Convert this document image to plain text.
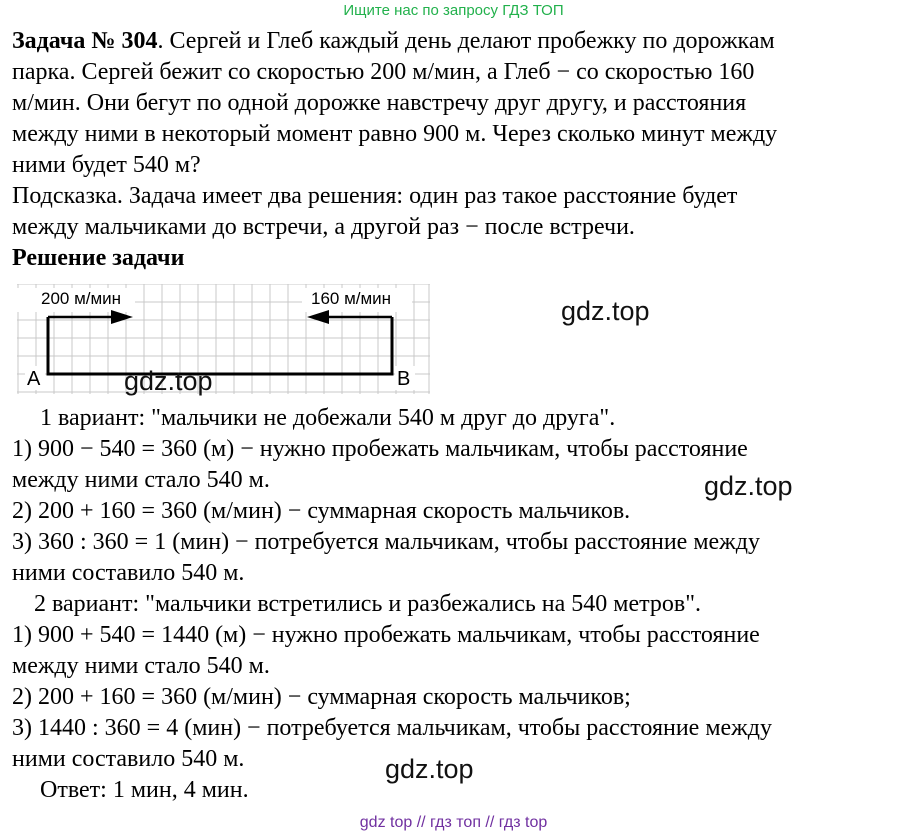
Ищите нас по запросу ГДЗ ТОП
Задача № 304. Сергей и Глеб каждый день делают пробежку по дорожкам
парка. Сергей бежит со скоростью 200 м/мин, а Глеб − со скоростью 160
м/мин. Они бегут по одной дорожке навстречу друг другу, и расстояния
между ними в некоторый момент равно 900 м. Через сколько минут между
ними будет 540 м?
Подсказка. Задача имеет два решения: один раз такое расстояние будет
между мальчиками до встречи, а другой раз − после встречи.
Решение задачи
200 м/мин	160 м/мин
A	B
1 вариант: "мальчики не добежали 540 м друг до друга".
1) 900 − 540 = 360 (м) − нужно пробежать мальчикам, чтобы расстояние
между ними стало 540 м.
2) 200 + 160 = 360 (м/мин) − суммарная скорость мальчиков.
3) 360 : 360 = 1 (мин) − потребуется мальчикам, чтобы расстояние между
ними составило 540 м.
2 вариант: "мальчики встретились и разбежались на 540 метров".
1) 900 + 540 = 1440 (м) − нужно пробежать мальчикам, чтобы расстояние
между ними стало 540 м.
2) 200 + 160 = 360 (м/мин) − суммарная скорость мальчиков;
3) 1440 : 360 = 4 (мин) − потребуется мальчикам, чтобы расстояние между
ними составило 540 м.
Ответ: 1 мин, 4 мин.
gdz.top
gdz.top
gdz.top
gdz.top
gdz top // гдз топ // гдз top
